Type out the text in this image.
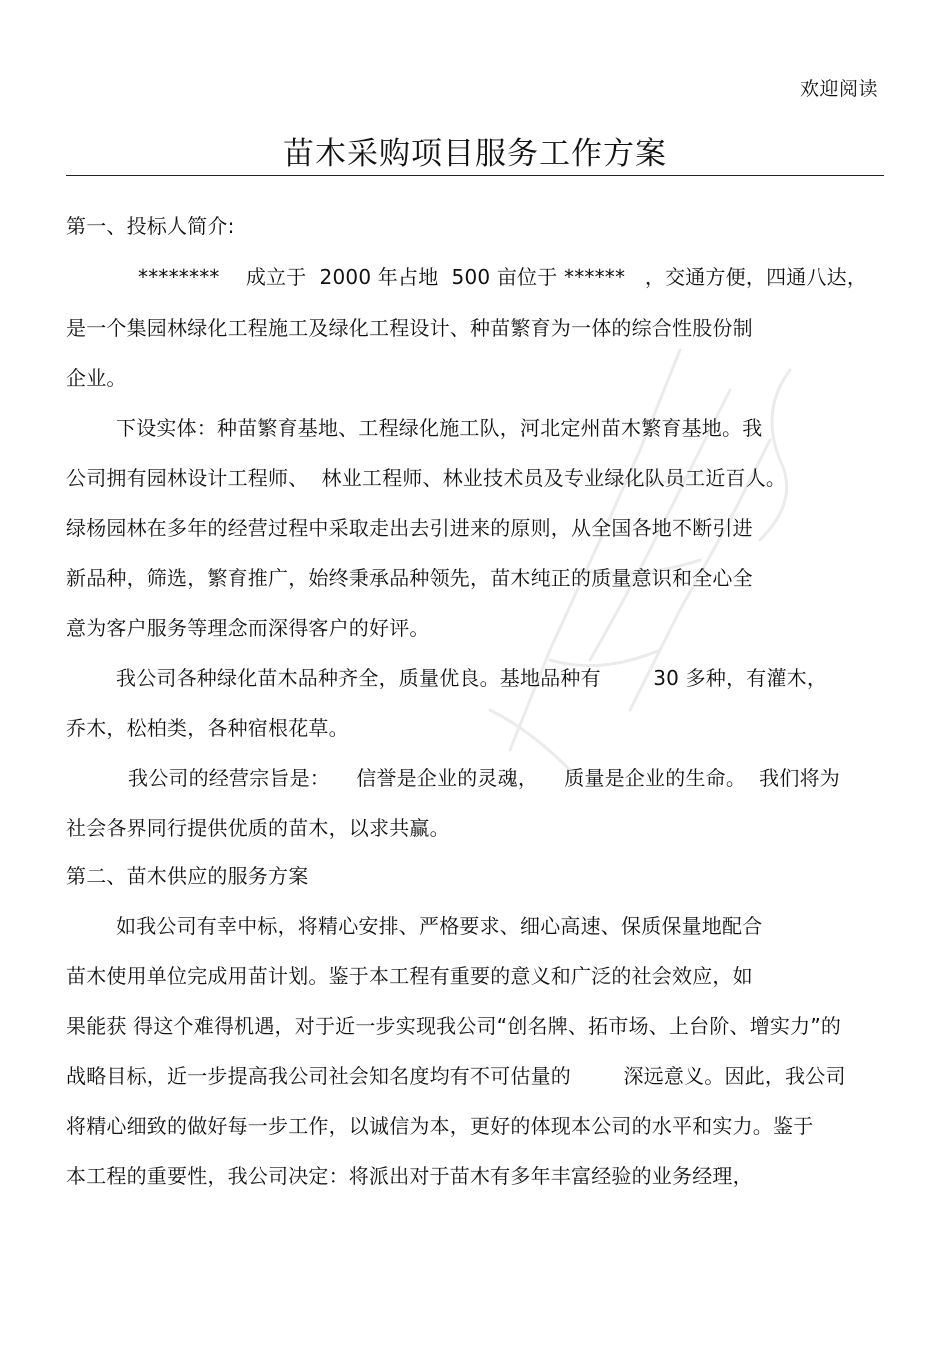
欢迎阅读
苗木采购项目服务工作方案
第一、投标人简介:
********    成立于  2000 年占地  500 亩位于 ******   ，交通方便，四通八达，
是一个集园林绿化工程施工及绿化工程设计、种苗繁育为一体的综合性股份制
企业。
下设实体：种苗繁育基地、工程绿化施工队，河北定州苗木繁育基地。我
公司拥有园林设计工程师、  林业工程师、林业技术员及专业绿化队员工近百人。
绿杨园林在多年的经营过程中采取走出去引进来的原则，从全国各地不断引进
新品种，筛选，繁育推广，始终秉承品种领先，苗木纯正的质量意识和全心全
意为客户服务等理念而深得客户的好评。
我公司各种绿化苗木品种齐全，质量优良。基地品种有        30 多种，有灌木，
乔木，松柏类，各种宿根花草。
我公司的经营宗旨是：    信誉是企业的灵魂，    质量是企业的生命。  我们将为
社会各界同行提供优质的苗木，以求共赢。
第二、苗木供应的服务方案
如我公司有幸中标，将精心安排、严格要求、细心高速、保质保量地配合
苗木使用单位完成用苗计划。鉴于本工程有重要的意义和广泛的社会效应，如
果能获 得这个难得机遇，对于近一步实现我公司“创名牌、拓市场、上台阶、增实力”的
战略目标，近一步提高我公司社会知名度均有不可估量的        深远意义。因此，我公司
将精心细致的做好每一步工作，以诚信为本，更好的体现本公司的水平和实力。鉴于
本工程的重要性，我公司决定：将派出对于苗木有多年丰富经验的业务经理，
